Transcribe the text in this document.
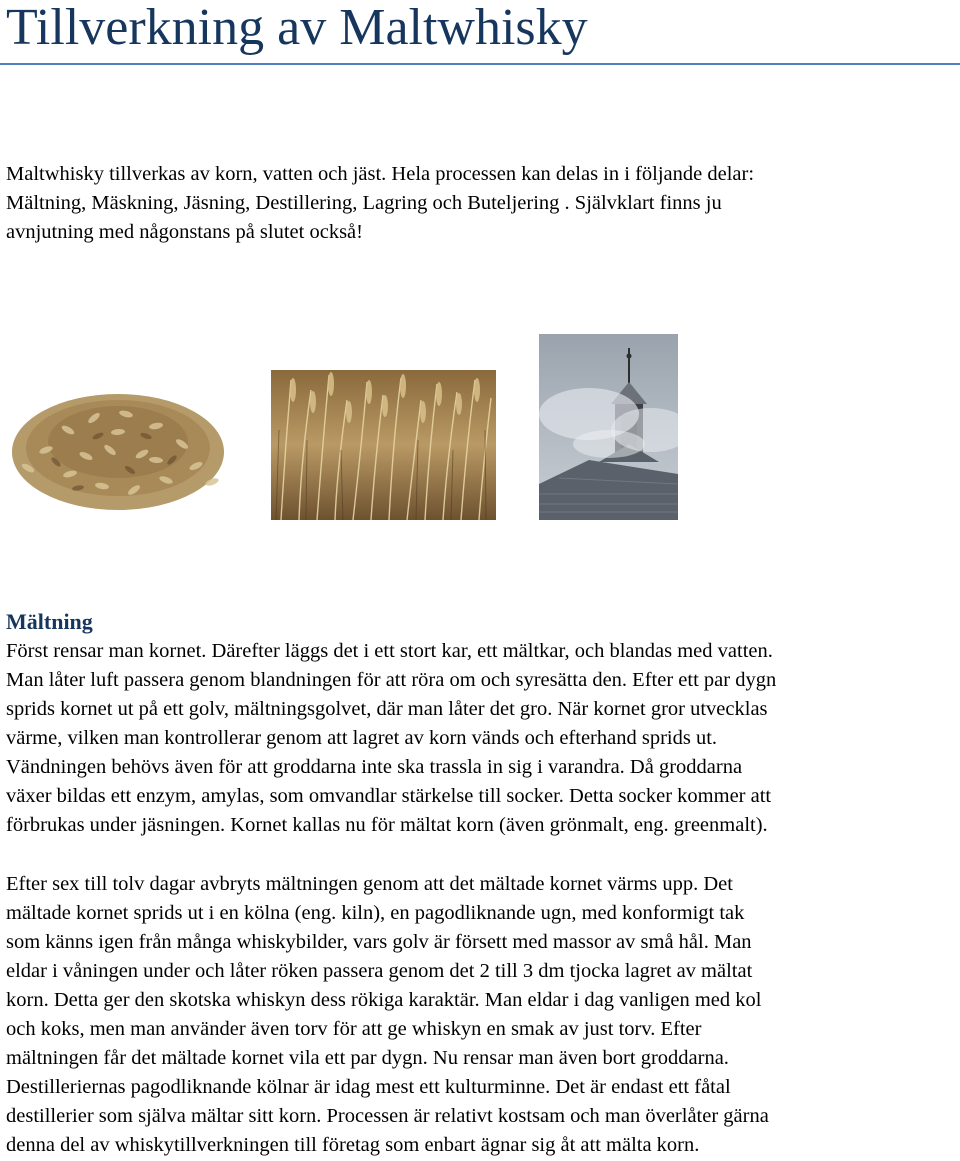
Tillverkning av Maltwhisky
Maltwhisky tillverkas av korn, vatten och jäst. Hela processen kan delas in i följande delar:
Mältning, Mäskning, Jäsning, Destillering, Lagring och Buteljering . Självklart finns ju
avnjutning med någonstans på slutet också!
Mältning
Först rensar man kornet. Därefter läggs det i ett stort kar, ett mältkar, och blandas med vatten.
Man låter luft passera genom blandningen för att röra om och syresätta den. Efter ett par dygn
sprids kornet ut på ett golv, mältningsgolvet, där man låter det gro. När kornet gror utvecklas
värme, vilken man kontrollerar genom att lagret av korn vänds och efterhand sprids ut.
Vändningen behövs även för att groddarna inte ska trassla in sig i varandra. Då groddarna
växer bildas ett enzym, amylas, som omvandlar stärkelse till socker. Detta socker kommer att
förbrukas under jäsningen. Kornet kallas nu för mältat korn (även grönmalt, eng. greenmalt).
Efter sex till tolv dagar avbryts mältningen genom att det mältade kornet värms upp. Det
mältade kornet sprids ut i en kölna (eng. kiln), en pagodliknande ugn, med konformigt tak
som känns igen från många whiskybilder, vars golv är försett med massor av små hål. Man
eldar i våningen under och låter röken passera genom det 2 till 3 dm tjocka lagret av mältat
korn. Detta ger den skotska whiskyn dess rökiga karaktär. Man eldar i dag vanligen med kol
och koks, men man använder även torv för att ge whiskyn en smak av just torv. Efter
mältningen får det mältade kornet vila ett par dygn. Nu rensar man även bort groddarna.
Destilleriernas pagodliknande kölnar är idag mest ett kulturminne. Det är endast ett fåtal
destillerier som själva mältar sitt korn. Processen är relativt kostsam och man överlåter gärna
denna del av whiskytillverkningen till företag som enbart ägnar sig åt att mälta korn.
